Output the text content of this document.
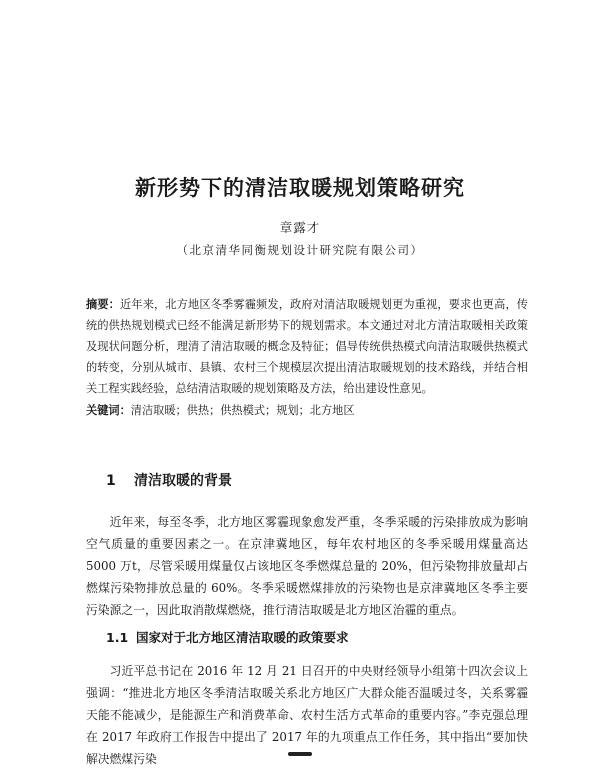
新形势下的清洁取暖规划策略研究
章露才
（北京清华同衡规划设计研究院有限公司）
摘要：近年来，北方地区冬季雾霾频发，政府对清洁取暖规划更为重视，要求也更高，传统的供热规划模式已经不能满足新形势下的规划需求。本文通过对北方清洁取暖相关政策及现状问题分析，理清了清洁取暖的概念及特征；倡导传统供热模式向清洁取暖供热模式的转变，分别从城市、县镇、农村三个规模层次提出清洁取暖规划的技术路线，并结合相关工程实践经验，总结清洁取暖的规划策略及方法，给出建设性意见。
关键词：清洁取暖；供热；供热模式；规划；北方地区
1 清洁取暖的背景
近年来，每至冬季，北方地区雾霾现象愈发严重，冬季采暖的污染排放成为影响空气质量的重要因素之一。在京津冀地区，每年农村地区的冬季采暖用煤量高达 5000 万t，尽管采暖用煤量仅占该地区冬季燃煤总量的 20%，但污染物排放量却占燃煤污染物排放总量的 60%。冬季采暖燃煤排放的污染物也是京津冀地区冬季主要污染源之一，因此取消散煤燃烧，推行清洁取暖是北方地区治霾的重点。
1.1 国家对于北方地区清洁取暖的政策要求
习近平总书记在 2016 年 12 月 21 日召开的中央财经领导小组第十四次会议上强调：“推进北方地区冬季清洁取暖关系北方地区广大群众能否温暖过冬，关系雾霾天能不能减少，是能源生产和消费革命、农村生活方式革命的重要内容。”李克强总理在 2017 年政府工作报告中提出了 2017 年的九项重点工作任务，其中指出“要加快解决燃煤污染
